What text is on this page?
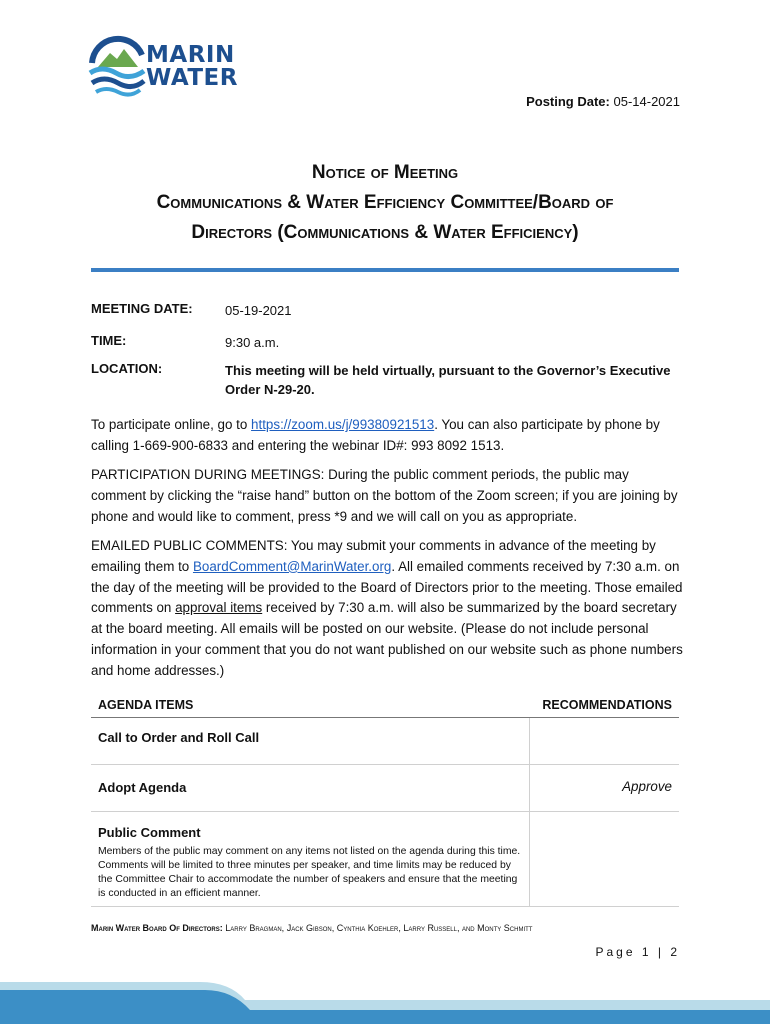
MARIN
WATER
Posting Date: 05-14-2021
Notice of Meeting
Communications & Water Efficiency Committee/Board of
Directors (Communications & Water Efficiency)
MEETING DATE:	05-19-2021
TIME:	9:30 a.m.
LOCATION:	This meeting will be held virtually, pursuant to the Governor’s Executive Order N-29-20.
To participate online, go to https://zoom.us/j/99380921513. You can also participate by phone by calling 1-669-900-6833 and entering the webinar ID#: 993 8092 1513.
PARTICIPATION DURING MEETINGS: During the public comment periods, the public may comment by clicking the “raise hand” button on the bottom of the Zoom screen; if you are joining by phone and would like to comment, press *9 and we will call on you as appropriate.
EMAILED PUBLIC COMMENTS: You may submit your comments in advance of the meeting by emailing them to BoardComment@MarinWater.org. All emailed comments received by 7:30 a.m. on the day of the meeting will be provided to the Board of Directors prior to the meeting. Those emailed comments on approval items received by 7:30 a.m. will also be summarized by the board secretary at the board meeting. All emails will be posted on our website. (Please do not include personal information in your comment that you do not want published on our website such as phone numbers and home addresses.)
AGENDA ITEMS	RECOMMENDATIONS
Call to Order and Roll Call
Adopt Agenda	Approve
Public Comment
Members of the public may comment on any items not listed on the agenda during this time. Comments will be limited to three minutes per speaker, and time limits may be reduced by the Committee Chair to accommodate the number of speakers and ensure that the meeting is conducted in an efficient manner.
Marin Water Board Of Directors: Larry Bragman, Jack Gibson, Cynthia Koehler, Larry Russell, and Monty Schmitt
Page 1 | 2
